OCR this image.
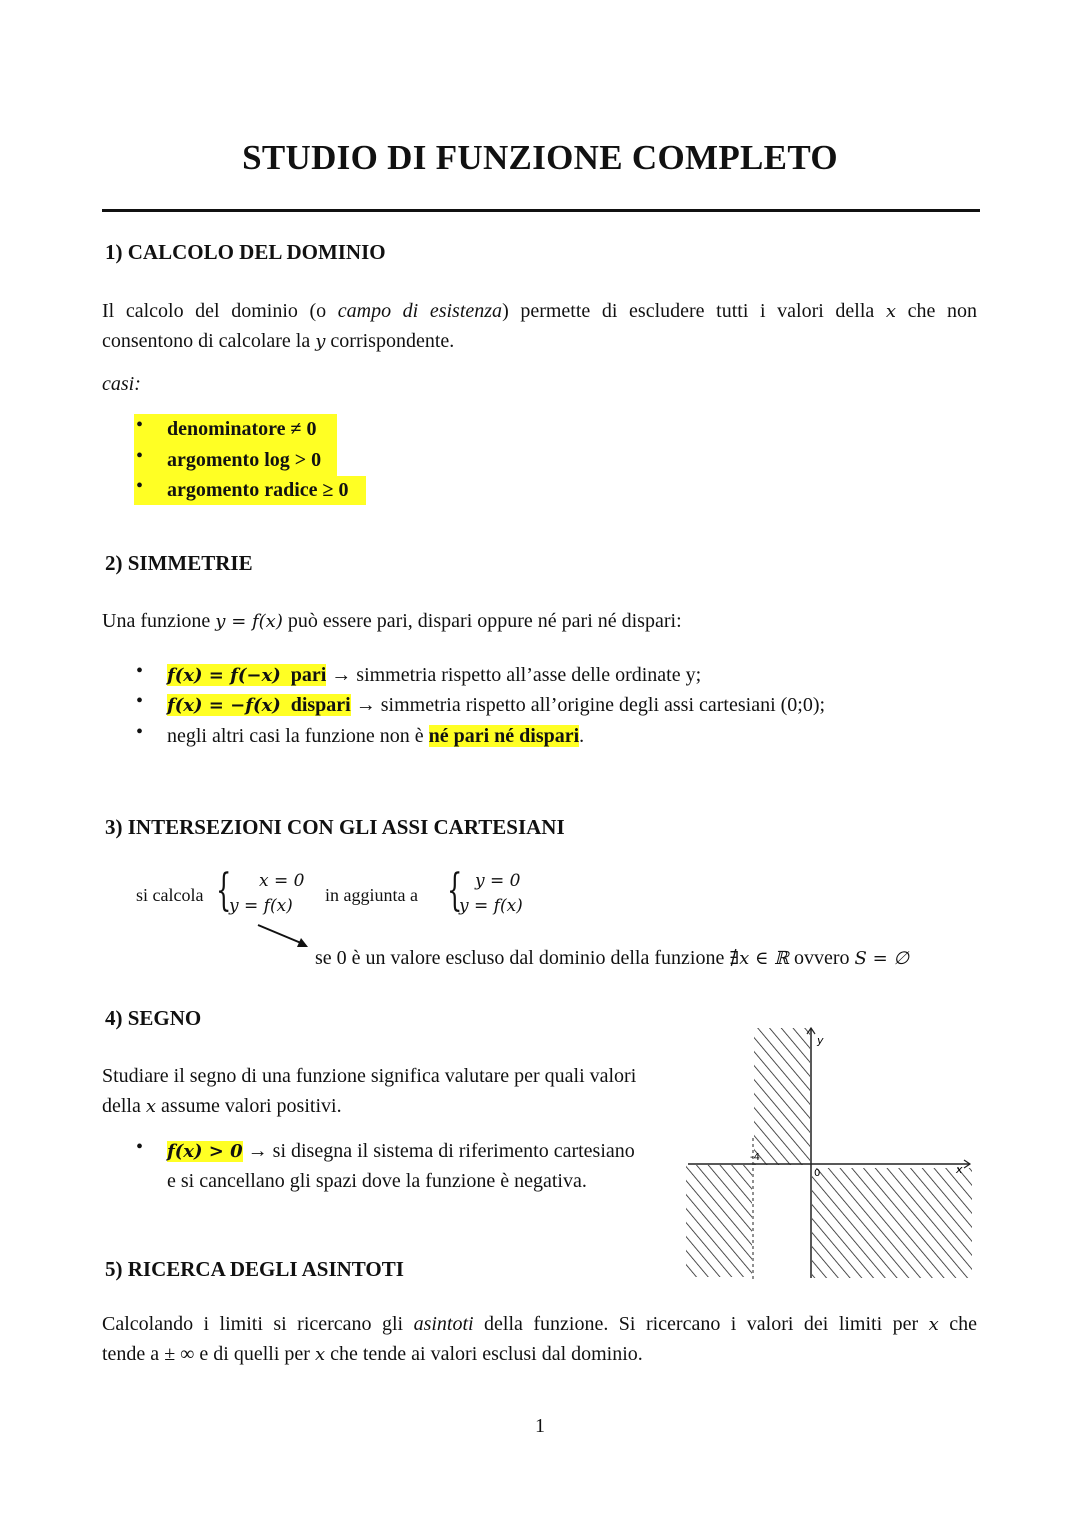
STUDIO DI FUNZIONE COMPLETO
1) CALCOLO DEL DOMINIO
Il calcolo del dominio (o campo di esistenza) permette di escludere tutti i valori della x che non
consentono di calcolare la y corrispondente.
casi:
• denominatore ≠ 0
• argomento log > 0
• argomento radice ≥ 0
2) SIMMETRIE
Una funzione y = f(x) può essere pari, dispari oppure né pari né dispari:
• f(x) = f(−x) pari → simmetria rispetto all’asse delle ordinate y;
• f(x) = −f(x) dispari → simmetria rispetto all’origine degli assi cartesiani (0;0);
• negli altri casi la funzione non è né pari né dispari.
3) INTERSEZIONI CON GLI ASSI CARTESIANI
si calcola { x = 0
y = f(x)
in aggiunta a { y = 0
y = f(x)
se 0 è un valore escluso dal dominio della funzione ∄x ∈ ℝ ovvero S = ∅
4) SEGNO
Studiare il segno di una funzione significa valutare per quali valori
della x assume valori positivi.
• f(x) > 0 → si disegna il sistema di riferimento cartesiano
e si cancellano gli spazi dove la funzione è negativa.
y
x
-4
0
5) RICERCA DEGLI ASINTOTI
Calcolando i limiti si ricercano gli asintoti della funzione. Si ricercano i valori dei limiti per x che
tende a ± ∞ e di quelli per x che tende ai valori esclusi dal dominio.
1
